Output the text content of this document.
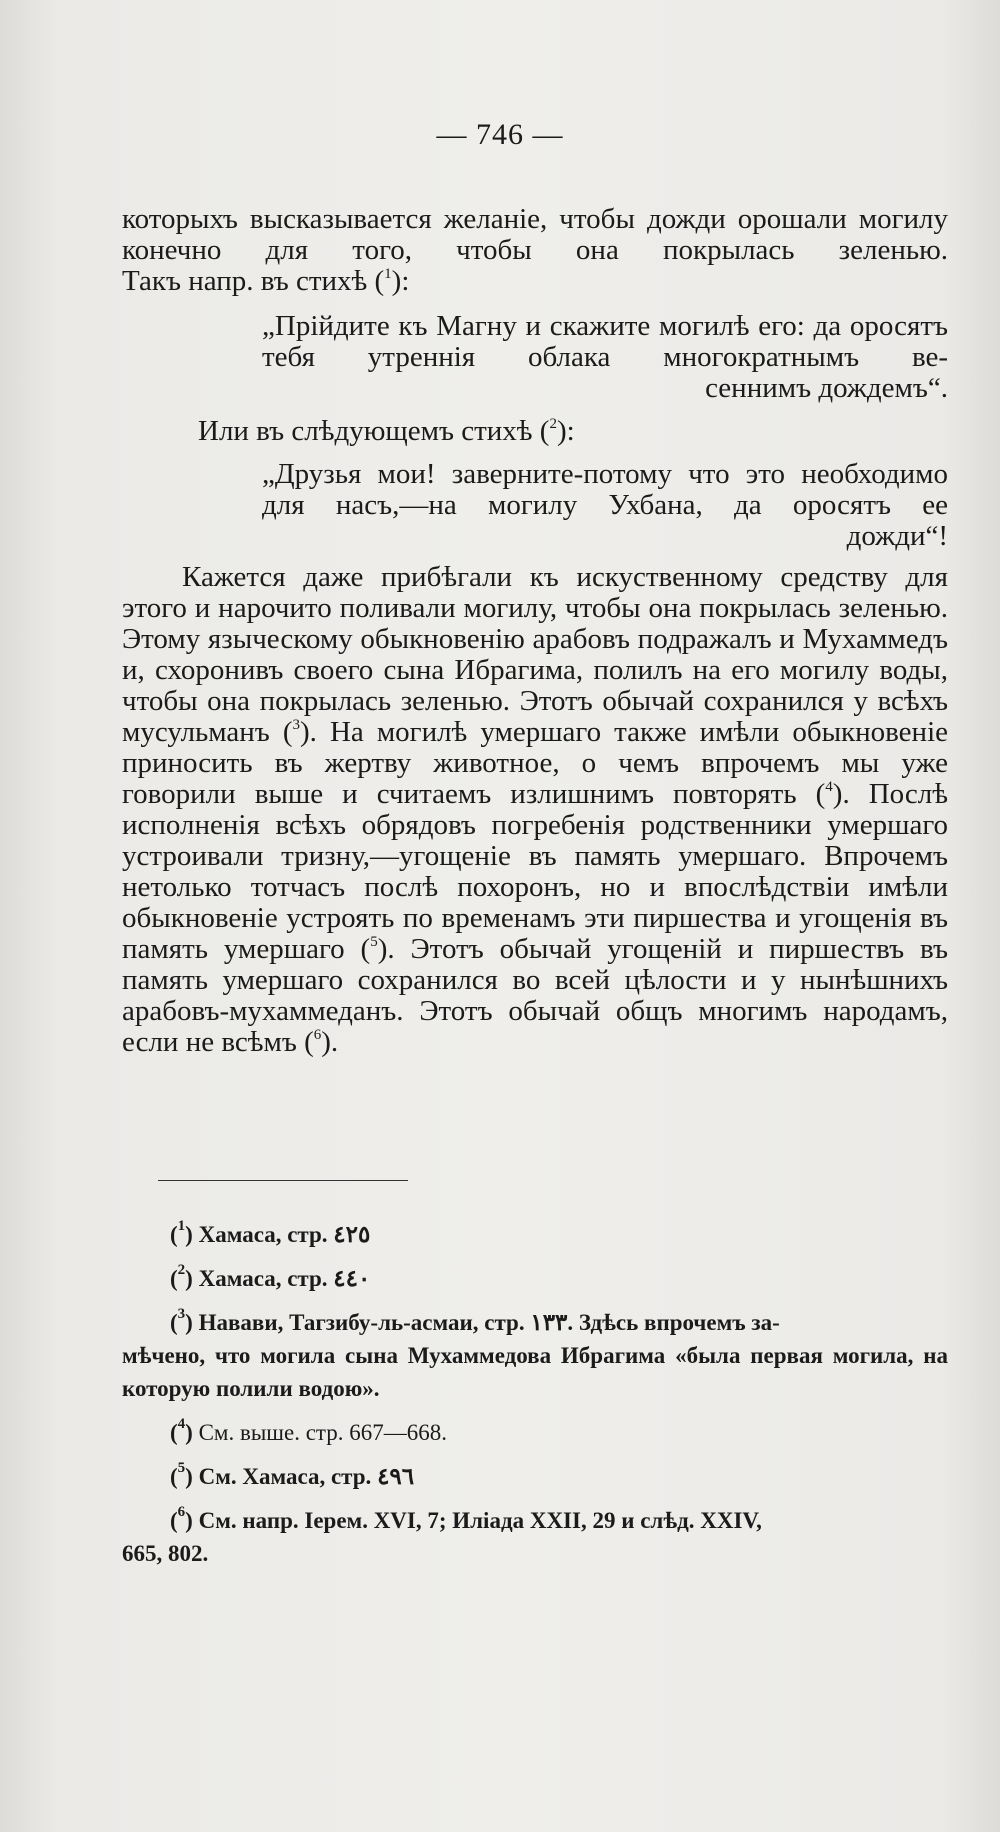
— 746 —

которыхъ высказывается желаніе, чтобы дожди орошали могилу конечно для того, чтобы она покрылась зеленью.

Такъ напр. въ стихѣ ($^1$):

„Прійдите къ Магну и скажите могилѣ его: да оросятъ тебя утреннія облака многократнымъ ве-

сеннимъ дождемъ“.

Или въ слѣдующемъ стихѣ ($^2$):

„Друзья мои! заверните-потому что это необходимо для насъ,—на могилу Ухбана, да оросятъ ее

дожди“!

Кажется даже прибѣгали къ искуственному средству для этого и нарочито поливали могилу, чтобы она покрылась зеленью. Этому языческому обыкновенію арабовъ подражалъ и Мухаммедъ и, схоронивъ своего сына Ибрагима, полилъ на его могилу воды, чтобы она покрылась зеленью. Этотъ обычай сохранился у всѣхъ мусульманъ ($^3$). На могилѣ умершаго также имѣли обыкновеніе приносить въ жертву животное, о чемъ впрочемъ мы уже говорили выше и считаемъ излишнимъ повторять ($^4$). Послѣ исполненія всѣхъ обрядовъ погребенія родственники умершаго устроивали тризну,—угощеніе въ память умершаго. Впрочемъ нетолько тотчасъ послѣ похоронъ, но и впослѣдствіи имѣли обыкновеніе устроять по временамъ эти пиршества и угощенія въ память умершаго ($^5$). Этотъ обычай угощеній и пиршествъ въ память умершаго сохранился во всей цѣлости и у нынѣшнихъ арабовъ-мухаммеданъ. Этотъ обычай общъ многимъ народамъ, если не всѣмъ ($^6$).

($^1$) Хамаса, стр. ٤٢٥
($^2$) Хамаса, стр. ٤٤٠
($^3$) Навави, Тагзибу-ль-асмаи, стр. ١٣٣. Здѣсь впрочемъ за-
мѣчено, что могила сына Мухаммедова Ибрагима «была первая могила, на которую полили водою».
($^4$) См. выше. стр. 667—668.
($^5$) См. Хамаса, стр. ٤٩٦
($^6$) См. напр. Iерем. XVI, 7; Иліада XXII, 29 и слѣд. XXIV,
665, 802.
